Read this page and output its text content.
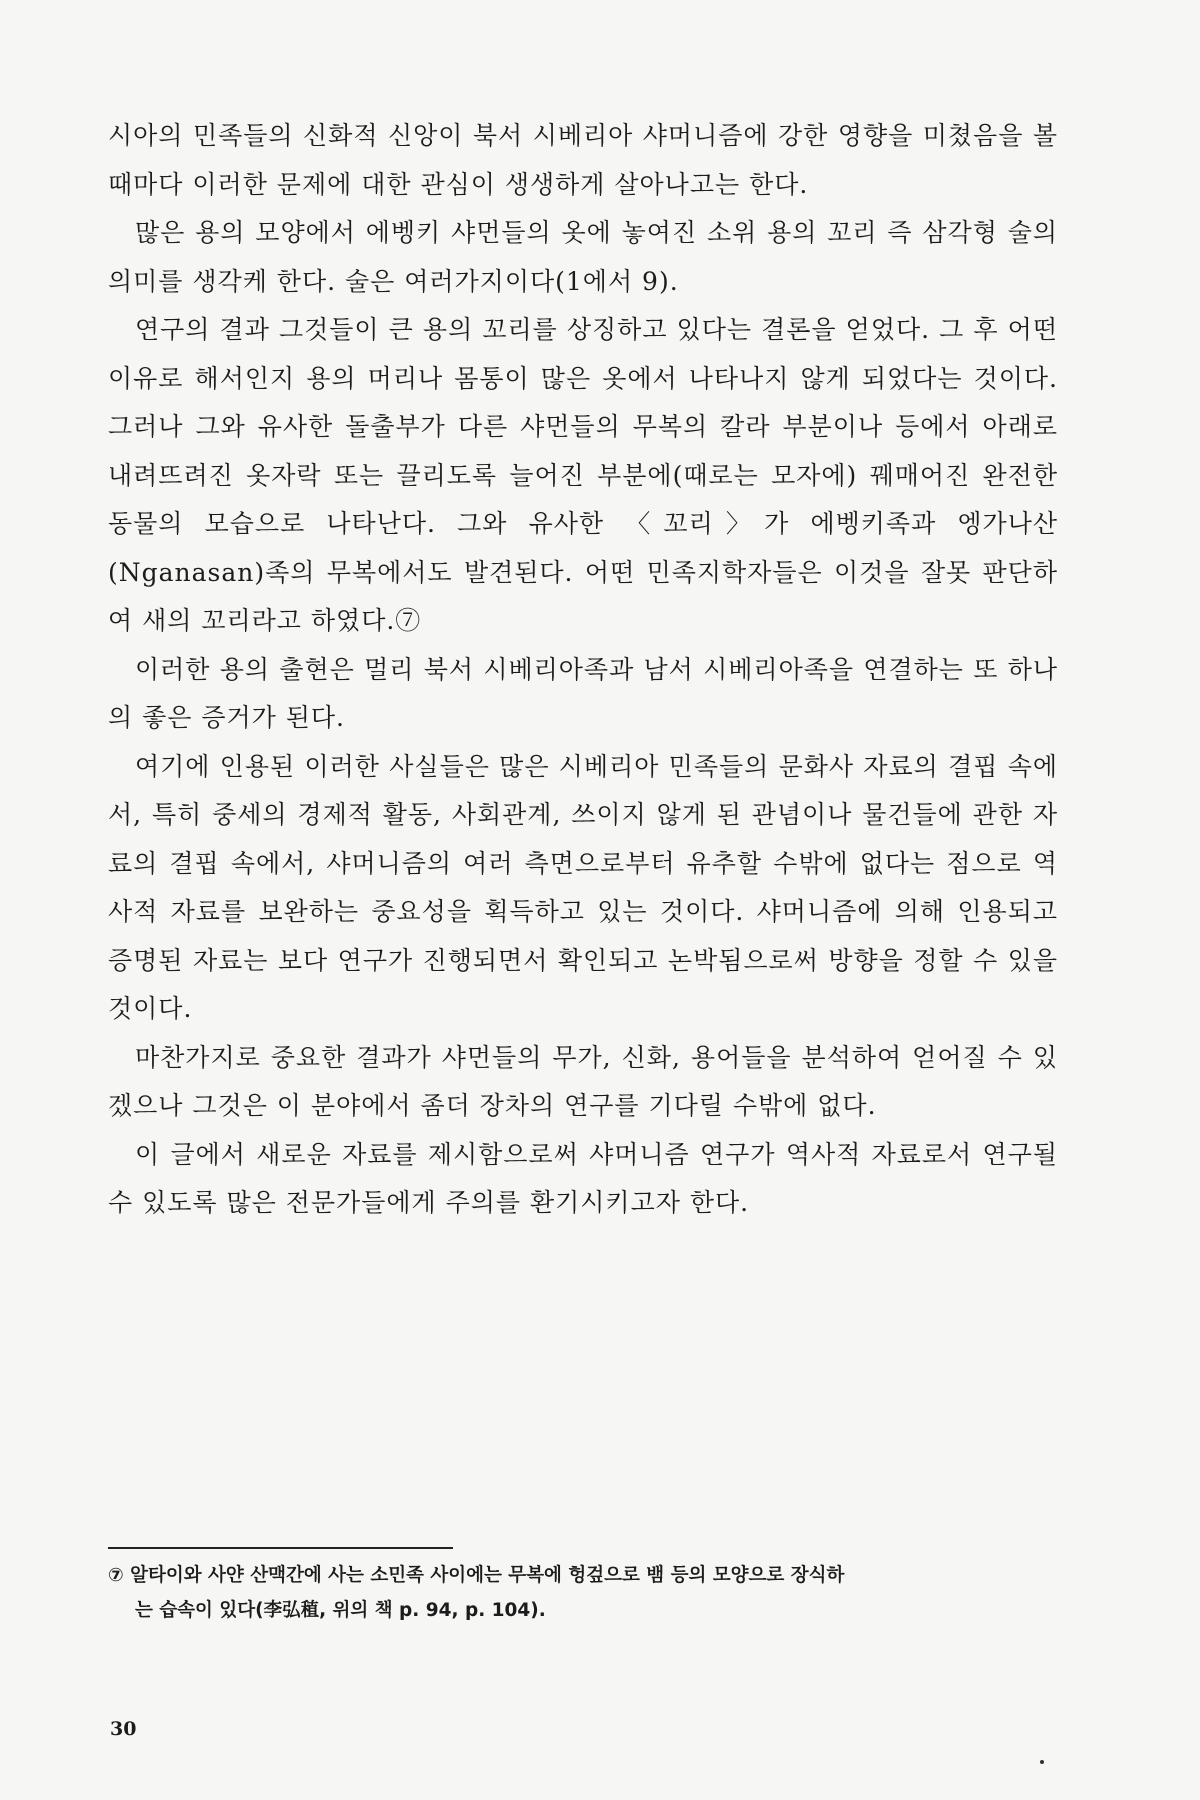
시아의 민족들의 신화적 신앙이 북서 시베리아 샤머니즘에 강한 영향을 미쳤음을 볼 때마다 이러한 문제에 대한 관심이 생생하게 살아나고는 한다.

많은 용의 모양에서 에벵키 샤먼들의 옷에 놓여진 소위 용의 꼬리 즉 삼각형 술의 의미를 생각케 한다. 술은 여러가지이다(1에서 9).

연구의 결과 그것들이 큰 용의 꼬리를 상징하고 있다는 결론을 얻었다. 그 후 어떤 이유로 해서인지 용의 머리나 몸통이 많은 옷에서 나타나지 않게 되었다는 것이다. 그러나 그와 유사한 돌출부가 다른 샤먼들의 무복의 칼라 부분이나 등에서 아래로 내려뜨려진 옷자락 또는 끌리도록 늘어진 부분에(때로는 모자에) 꿰매어진 완전한 동물의 모습으로 나타난다. 그와 유사한 〈꼬리〉가 에벵키족과 엥가나산(Nganasan)족의 무복에서도 발견된다. 어떤 민족지학자들은 이것을 잘못 판단하여 새의 꼬리라고 하였다.⑦

이러한 용의 출현은 멀리 북서 시베리아족과 남서 시베리아족을 연결하는 또 하나의 좋은 증거가 된다.

여기에 인용된 이러한 사실들은 많은 시베리아 민족들의 문화사 자료의 결핍 속에서, 특히 중세의 경제적 활동, 사회관계, 쓰이지 않게 된 관념이나 물건들에 관한 자료의 결핍 속에서, 샤머니즘의 여러 측면으로부터 유추할 수밖에 없다는 점으로 역사적 자료를 보완하는 중요성을 획득하고 있는 것이다. 샤머니즘에 의해 인용되고 증명된 자료는 보다 연구가 진행되면서 확인되고 논박됨으로써 방향을 정할 수 있을 것이다.

마찬가지로 중요한 결과가 샤먼들의 무가, 신화, 용어들을 분석하여 얻어질 수 있겠으나 그것은 이 분야에서 좀더 장차의 연구를 기다릴 수밖에 없다.

이 글에서 새로운 자료를 제시함으로써 샤머니즘 연구가 역사적 자료로서 연구될 수 있도록 많은 전문가들에게 주의를 환기시키고자 한다.

⑦ 알타이와 사얀 산맥간에 사는 소민족 사이에는 무복에 헝겊으로 뱀 등의 모양으로 장식하
는 습속이 있다(李弘稙, 위의 책 p. 94, p. 104).
30
